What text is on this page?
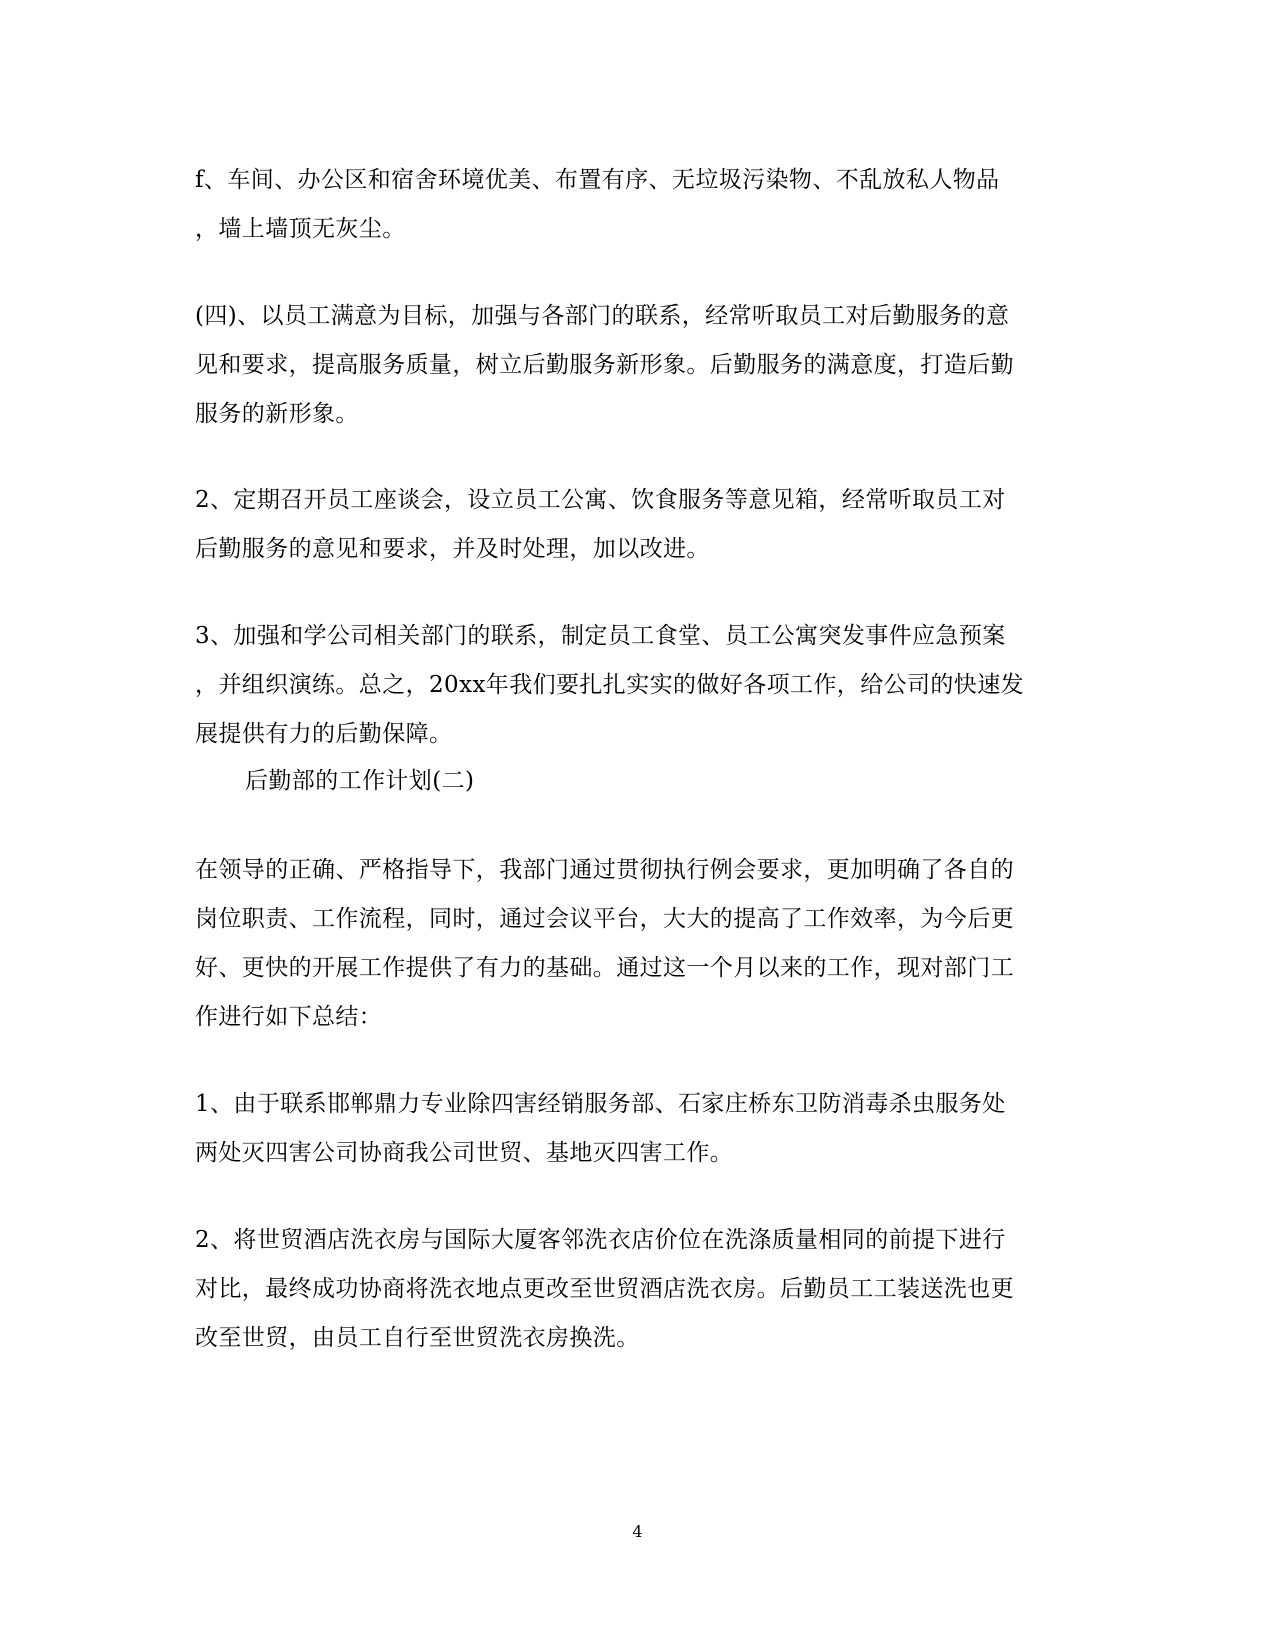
f、车间、办公区和宿舍环境优美、布置有序、无垃圾污染物、不乱放私人物品
，墙上墙顶无灰尘。
(四)、以员工满意为目标，加强与各部门的联系，经常听取员工对后勤服务的意
见和要求，提高服务质量，树立后勤服务新形象。后勤服务的满意度，打造后勤
服务的新形象。
2、定期召开员工座谈会，设立员工公寓、饮食服务等意见箱，经常听取员工对
后勤服务的意见和要求，并及时处理，加以改进。
3、加强和学公司相关部门的联系，制定员工食堂、员工公寓突发事件应急预案
，并组织演练。总之，20xx年我们要扎扎实实的做好各项工作，给公司的快速发
展提供有力的后勤保障。
后勤部的工作计划(二)
在领导的正确、严格指导下，我部门通过贯彻执行例会要求，更加明确了各自的
岗位职责、工作流程，同时，通过会议平台，大大的提高了工作效率，为今后更
好、更快的开展工作提供了有力的基础。通过这一个月以来的工作，现对部门工
作进行如下总结：
1、由于联系邯郸鼎力专业除四害经销服务部、石家庄桥东卫防消毒杀虫服务处
两处灭四害公司协商我公司世贸、基地灭四害工作。
2、将世贸酒店洗衣房与国际大厦客邻洗衣店价位在洗涤质量相同的前提下进行
对比，最终成功协商将洗衣地点更改至世贸酒店洗衣房。后勤员工工装送洗也更
改至世贸，由员工自行至世贸洗衣房换洗。
4
